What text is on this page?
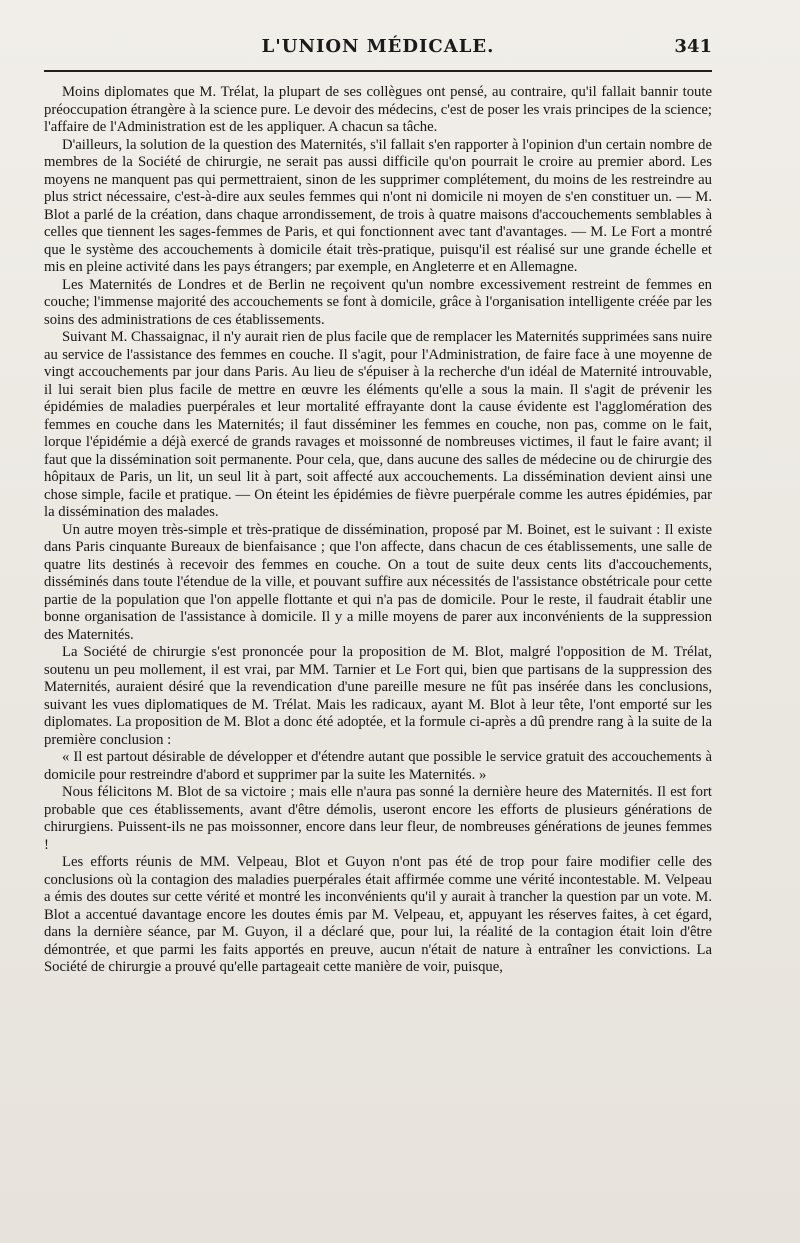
L'UNION MÉDICALE.	341

Moins diplomates que M. Trélat, la plupart de ses collègues ont pensé, au contraire, qu'il fallait bannir toute préoccupation étrangère à la science pure. Le devoir des médecins, c'est de poser les vrais principes de la science; l'affaire de l'Administration est de les appliquer. A chacun sa tâche.

D'ailleurs, la solution de la question des Maternités, s'il fallait s'en rapporter à l'opinion d'un certain nombre de membres de la Société de chirurgie, ne serait pas aussi difficile qu'on pourrait le croire au premier abord. Les moyens ne manquent pas qui permettraient, sinon de les supprimer complétement, du moins de les restreindre au plus strict nécessaire, c'est-à-dire aux seules femmes qui n'ont ni domicile ni moyen de s'en constituer un. — M. Blot a parlé de la création, dans chaque arrondissement, de trois à quatre maisons d'accouchements semblables à celles que tiennent les sages-femmes de Paris, et qui fonctionnent avec tant d'avantages. — M. Le Fort a montré que le système des accouchements à domicile était très-pratique, puisqu'il est réalisé sur une grande échelle et mis en pleine activité dans les pays étrangers; par exemple, en Angleterre et en Allemagne.

Les Maternités de Londres et de Berlin ne reçoivent qu'un nombre excessivement restreint de femmes en couche; l'immense majorité des accouchements se font à domicile, grâce à l'organisation intelligente créée par les soins des administrations de ces établissements.

Suivant M. Chassaignac, il n'y aurait rien de plus facile que de remplacer les Maternités supprimées sans nuire au service de l'assistance des femmes en couche. Il s'agit, pour l'Administration, de faire face à une moyenne de vingt accouchements par jour dans Paris. Au lieu de s'épuiser à la recherche d'un idéal de Maternité introuvable, il lui serait bien plus facile de mettre en œuvre les éléments qu'elle a sous la main. Il s'agit de prévenir les épidémies de maladies puerpérales et leur mortalité effrayante dont la cause évidente est l'agglomération des femmes en couche dans les Maternités; il faut disséminer les femmes en couche, non pas, comme on le fait, lorque l'épidémie a déjà exercé de grands ravages et moissonné de nombreuses victimes, il faut le faire avant; il faut que la dissémination soit permanente. Pour cela, que, dans aucune des salles de médecine ou de chirurgie des hôpitaux de Paris, un lit, un seul lit à part, soit affecté aux accouchements. La dissémination devient ainsi une chose simple, facile et pratique. — On éteint les épidémies de fièvre puerpérale comme les autres épidémies, par la dissémination des malades.

Un autre moyen très-simple et très-pratique de dissémination, proposé par M. Boinet, est le suivant : Il existe dans Paris cinquante Bureaux de bienfaisance ; que l'on affecte, dans chacun de ces établissements, une salle de quatre lits destinés à recevoir des femmes en couche. On a tout de suite deux cents lits d'accouchements, disséminés dans toute l'étendue de la ville, et pouvant suffire aux nécessités de l'assistance obstétricale pour cette partie de la population que l'on appelle flottante et qui n'a pas de domicile. Pour le reste, il faudrait établir une bonne organisation de l'assistance à domicile. Il y a mille moyens de parer aux inconvénients de la suppression des Maternités.

La Société de chirurgie s'est prononcée pour la proposition de M. Blot, malgré l'opposition de M. Trélat, soutenu un peu mollement, il est vrai, par MM. Tarnier et Le Fort qui, bien que partisans de la suppression des Maternités, auraient désiré que la revendication d'une pareille mesure ne fût pas insérée dans les conclusions, suivant les vues diplomatiques de M. Trélat. Mais les radicaux, ayant M. Blot à leur tête, l'ont emporté sur les diplomates. La proposition de M. Blot a donc été adoptée, et la formule ci-après a dû prendre rang à la suite de la première conclusion :

« Il est partout désirable de développer et d'étendre autant que possible le service gratuit des accouchements à domicile pour restreindre d'abord et supprimer par la suite les Maternités. »

Nous félicitons M. Blot de sa victoire ; mais elle n'aura pas sonné la dernière heure des Maternités. Il est fort probable que ces établissements, avant d'être démolis, useront encore les efforts de plusieurs générations de chirurgiens. Puissent-ils ne pas moissonner, encore dans leur fleur, de nombreuses générations de jeunes femmes !

Les efforts réunis de MM. Velpeau, Blot et Guyon n'ont pas été de trop pour faire modifier celle des conclusions où la contagion des maladies puerpérales était affirmée comme une vérité incontestable. M. Velpeau a émis des doutes sur cette vérité et montré les inconvénients qu'il y aurait à trancher la question par un vote. M. Blot a accentué davantage encore les doutes émis par M. Velpeau, et, appuyant les réserves faites, à cet égard, dans la dernière séance, par M. Guyon, il a déclaré que, pour lui, la réalité de la contagion était loin d'être démontrée, et que parmi les faits apportés en preuve, aucun n'était de nature à entraîner les convictions. La Société de chirurgie a prouvé qu'elle partageait cette manière de voir, puisque,
